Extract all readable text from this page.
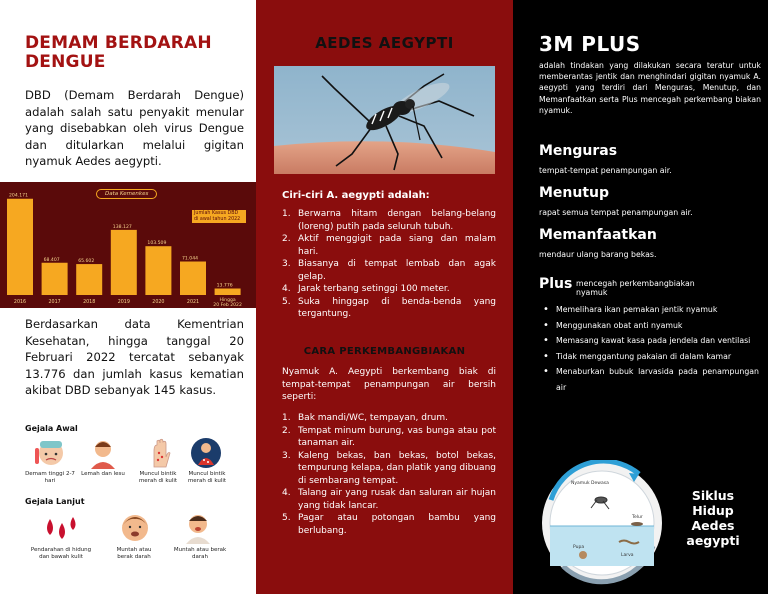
DEMAM BERDARAH DENGUE
DBD (Demam Berdarah Dengue) adalah salah satu penyakit menular yang disebabkan oleh virus Dengue dan ditularkan melalui gigitan nyamuk Aedes aegypti.
204.171
2016
68.407
2017
65.602
2018
138.127
2019
103.509
2020
71.044
2021
13.776
Hingga
20 Feb 2022
Data Kemenkes
Jumlah Kasus DBD di awal tahun 2022
Berdasarkan data Kementrian Kesehatan, hingga tanggal 20 Februari 2022 tercatat sebanyak 13.776 dan jumlah kasus kematian akibat DBD sebanyak 145 kasus.
Gejala Awal
Demam tinggi 2-7 hari
Lemah dan lesu	Muncul bintik merah di kulit
Muncul bintik merah di kulit
Gejala Lanjut
Pendarahan di hidung dan bawah kulit
Muntah atau berak darah
Muntah atau berak darah
AEDES AEGYPTI
Ciri-ciri A. aegypti adalah:
1. Berwarna hitam dengan belang-belang (loreng) putih pada seluruh tubuh.
2. Aktif menggigit pada siang dan malam hari.
3. Biasanya di tempat lembab dan agak gelap.
4. Jarak terbang setinggi 100 meter.
5. Suka hinggap di benda-benda yang tergantung.
CARA PERKEMBANGBIAKAN
Nyamuk A. Aegypti berkembang biak di tempat-tempat penampungan air bersih seperti:
1. Bak mandi/WC, tempayan, drum.
2. Tempat minum burung, vas bunga atau pot tanaman air.
3. Kaleng bekas, ban bekas, botol bekas, tempurung kelapa, dan platik yang dibuang di sembarang tempat.
4. Talang air yang rusak dan saluran air hujan yang tidak lancar.
5. Pagar atau potongan bambu yang berlubang.
3M PLUS
adalah tindakan yang dilakukan secara teratur untuk memberantas jentik dan menghindari gigitan nyamuk A. aegypti yang terdiri dari Menguras, Menutup, dan Memanfaatkan serta Plus mencegah perkembang biakan nyamuk.
Menguras
tempat-tempat penampungan air.
Menutup
rapat semua tempat penampungan air.
Memanfaatkan
mendaur ulang barang bekas.
Plus mencegah perkembangbiakan nyamuk
• Memelihara ikan pemakan jentik nyamuk
• Menggunakan obat anti nyamuk
• Memasang kawat kasa pada jendela dan ventilasi
• Tidak menggantung pakaian di dalam kamar
• Menaburkan bubuk larvasida pada penampungan air
Nyamuk Dewasa
Telur
Larva
Pupa
Siklus Hidup Aedes aegypti
